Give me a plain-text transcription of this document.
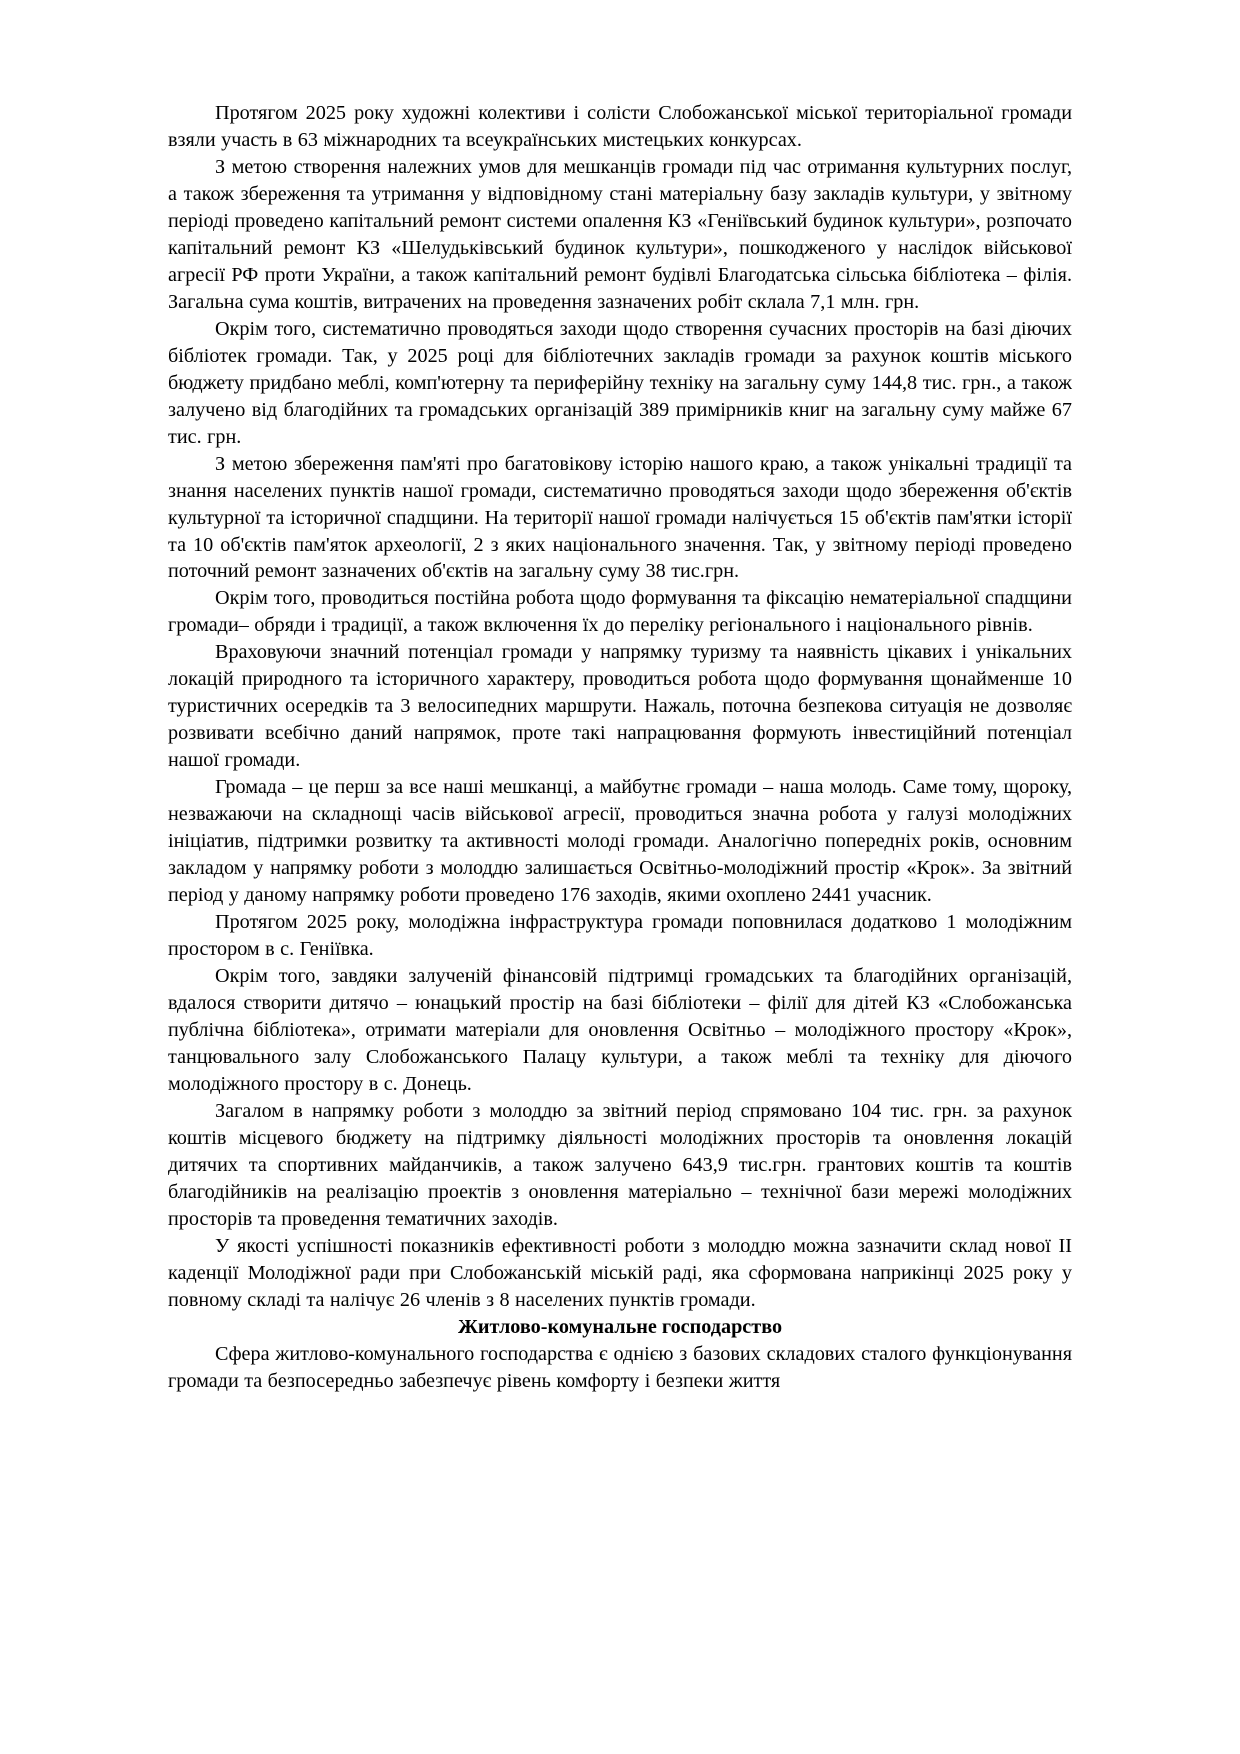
Протягом 2025 року художні колективи і солісти Слобожанської міської територіальної громади взяли участь в 63 міжнародних та всеукраїнських мистецьких конкурсах.

З метою створення належних умов для мешканців громади під час отримання культурних послуг, а також збереження та утримання у відповідному стані матеріальну базу закладів культури, у звітному періоді проведено капітальний ремонт системи опалення КЗ «Геніївський будинок культури», розпочато капітальний ремонт КЗ «Шелудьківський будинок культури», пошкодженого у наслідок військової агресії РФ проти України, а також капітальний ремонт будівлі Благодатська сільська бібліотека – філія. Загальна сума коштів, витрачених на проведення зазначених робіт склала 7,1 млн. грн.

Окрім того, систематично проводяться заходи щодо створення сучасних просторів на базі діючих бібліотек громади. Так, у 2025 році для бібліотечних закладів громади за рахунок коштів міського бюджету придбано меблі, комп'ютерну та периферійну техніку на загальну суму 144,8 тис. грн., а також залучено від благодійних та громадських організацій 389 примірників книг на загальну суму майже 67 тис. грн.

З метою збереження пам'яті про багатовікову історію нашого краю, а також унікальні традиції та знання населених пунктів нашої громади, систематично проводяться заходи щодо збереження об'єктів культурної та історичної спадщини. На території нашої громади налічується 15 об'єктів пам'ятки історії та 10 об'єктів пам'яток археології, 2 з яких національного значення. Так, у звітному періоді проведено поточний ремонт зазначених об'єктів на загальну суму 38 тис.грн.

Окрім того, проводиться постійна робота щодо формування та фіксацію нематеріальної спадщини громади– обряди і традиції, а також включення їх до переліку регіонального і національного рівнів.

Враховуючи значний потенціал громади у напрямку туризму та наявність цікавих і унікальних локацій природного та історичного характеру, проводиться робота щодо формування щонайменше 10 туристичних осередків та 3 велосипедних маршрути. Нажаль, поточна безпекова ситуація не дозволяє розвивати всебічно даний напрямок, проте такі напрацювання формують інвестиційний потенціал нашої громади.

Громада – це перш за все наші мешканці, а майбутнє громади – наша молодь. Саме тому, щороку, незважаючи на складнощі часів військової агресії, проводиться значна робота у галузі молодіжних ініціатив, підтримки розвитку та активності молоді громади. Аналогічно попередніх років, основним закладом у напрямку роботи з молоддю залишається Освітньо-молодіжний простір «Крок». За звітний період у даному напрямку роботи проведено 176 заходів, якими охоплено 2441 учасник.

Протягом 2025 року, молодіжна інфраструктура громади поповнилася додатково 1 молодіжним простором в с. Геніївка.

Окрім того, завдяки залученій фінансовій підтримці громадських та благодійних організацій, вдалося створити дитячо – юнацький простір на базі бібліотеки – філії для дітей КЗ «Слобожанська публічна бібліотека», отримати матеріали для оновлення Освітньо – молодіжного простору «Крок», танцювального залу Слобожанського Палацу культури, а також меблі та техніку для діючого молодіжного простору в с. Донець.

Загалом в напрямку роботи з молоддю за звітний період спрямовано 104 тис. грн. за рахунок коштів місцевого бюджету на підтримку діяльності молодіжних просторів та оновлення локацій дитячих та спортивних майданчиків, а також залучено 643,9 тис.грн. грантових коштів та коштів благодійників на реалізацію проектів з оновлення матеріально – технічної бази мережі молодіжних просторів та проведення тематичних заходів.

У якості успішності показників ефективності роботи з молоддю можна зазначити склад нової ІІ каденції Молодіжної ради при Слобожанській міській раді, яка сформована наприкінці 2025 року у повному складі та налічує 26 членів з 8 населених пунктів громади.

Житлово-комунальне господарство

Сфера житлово-комунального господарства є однією з базових складових сталого функціонування громади та безпосередньо забезпечує рівень комфорту і безпеки життя
